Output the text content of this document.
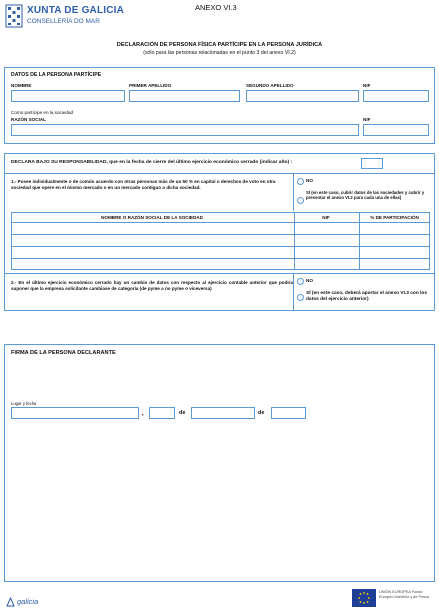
XUNTA DE GALICIA
CONSELLERÍA DO MAR
ANEXO VI.3
DECLARACIÓN DE PERSONA FÍSICA PARTÍCIPE EN LA PERSONA JURÍDICA
(sólo para las personas relacionadas en el punto 3 del anexo VI.2)
DATOS DE LA PERSONA PARTÍCIPE
NOMBRE	PRIMER APELLIDO	SEGUNDO APELLIDO	NIF
Como partícipe en la sociedad
RAZÓN SOCIAL	NIF
DECLARA BAJO SU RESPONSABILIDAD, que en la fecha de cierre del último ejercicio económico cerrado (indicar año) :
1.- Posee individualmente o de común acuerdo con otras personas más de un 50 % en capital o derechos de voto en otra sociedad que opere en el mismo mercado o en un mercado contiguo a dicha sociedad.
NO
SÍ (en este caso, cubrir datos de las sociedades y cubrir y presentar el anexo VI.2 para cada una de ellas)
NOMBRE O RAZÓN SOCIAL DE LA SOCIEDAD	NIF	% DE PARTICIPACIÓN
2.- En el último ejercicio económico cerrado hay un cambio de datos con respecto al ejercicio contable anterior que podría suponer que la empresa solicitante cambiase de categoría (de pyme a no pyme o viceversa)
NO
SÍ (en este caso, deberá aportar el anexo VI.3 con los datos del ejercicio anterior)
FIRMA DE LA PERSONA DECLARANTE
Lugar y fecha
,	de	de
galicia
UNIÓN EUROPEA Fondo Europeo Marítimo y de Pesca
